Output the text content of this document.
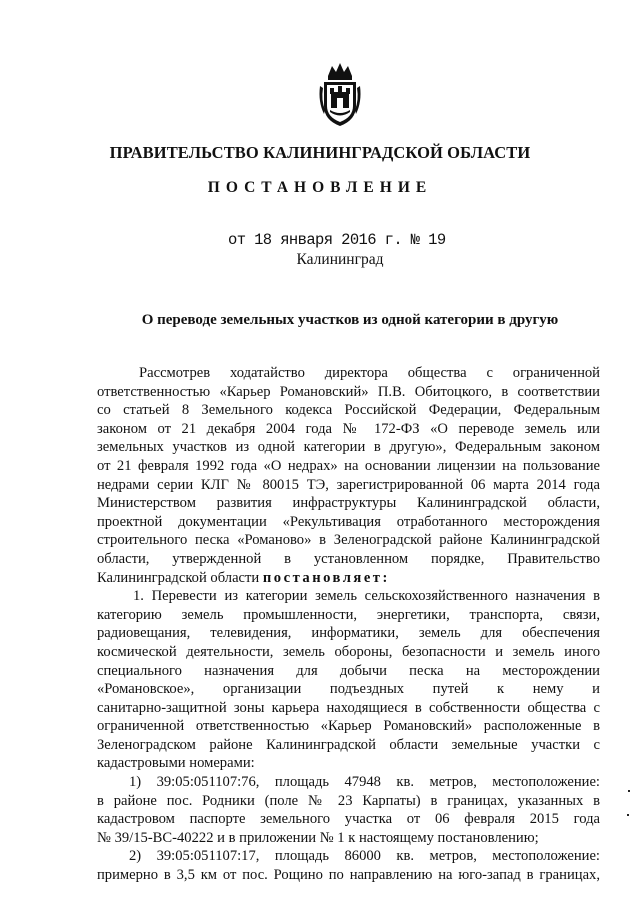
ПРАВИТЕЛЬСТВО КАЛИНИНГРАДСКОЙ ОБЛАСТИ
ПОСТАНОВЛЕНИЕ
от 18 января 2016 г. № 19
Калининград
О переводе земельных участков из одной категории в другую

Рассмотрев ходатайство директора общества с ограниченной
ответственностью «Карьер Романовский» П.В. Обитоцкого, в соответствии
со статьей 8 Земельного кодекса Российской Федерации, Федеральным
законом от 21 декабря 2004 года № 172-ФЗ «О переводе земель или
земельных участков из одной категории в другую», Федеральным законом
от 21 февраля 1992 года «О недрах» на основании лицензии на пользование
недрами серии КЛГ № 80015 ТЭ, зарегистрированной 06 марта 2014 года
Министерством развития инфраструктуры Калининградской области,
проектной документации «Рекультивация отработанного месторождения
строительного песка «Романово» в Зеленоградской районе Калининградской
области, утвержденной в установленном порядке, Правительство
Калининградской области постановляет:

1. Перевести из категории земель сельскохозяйственного назначения в
категорию земель промышленности, энергетики, транспорта, связи,
радиовещания, телевидения, информатики, земель для обеспечения
космической деятельности, земель обороны, безопасности и земель иного
специального назначения для добычи песка на месторождении
«Романовское», организации подъездных путей к нему и
санитарно-защитной зоны карьера находящиеся в собственности общества с
ограниченной ответственностью «Карьер Романовский» расположенные в
Зеленоградском районе Калининградской области земельные участки с
кадастровыми номерами:

1) 39:05:051107:76, площадь 47948 кв. метров, местоположение:
в районе пос. Родники (поле № 23 Карпаты) в границах, указанных в
кадастровом паспорте земельного участка от 06 февраля 2015 года
№ 39/15-ВС-40222 и в приложении № 1 к настоящему постановлению;

2) 39:05:051107:17, площадь 86000 кв. метров, местоположение:
примерно в 3,5 км от пос. Рощино по направлению на юго-запад в границах,
